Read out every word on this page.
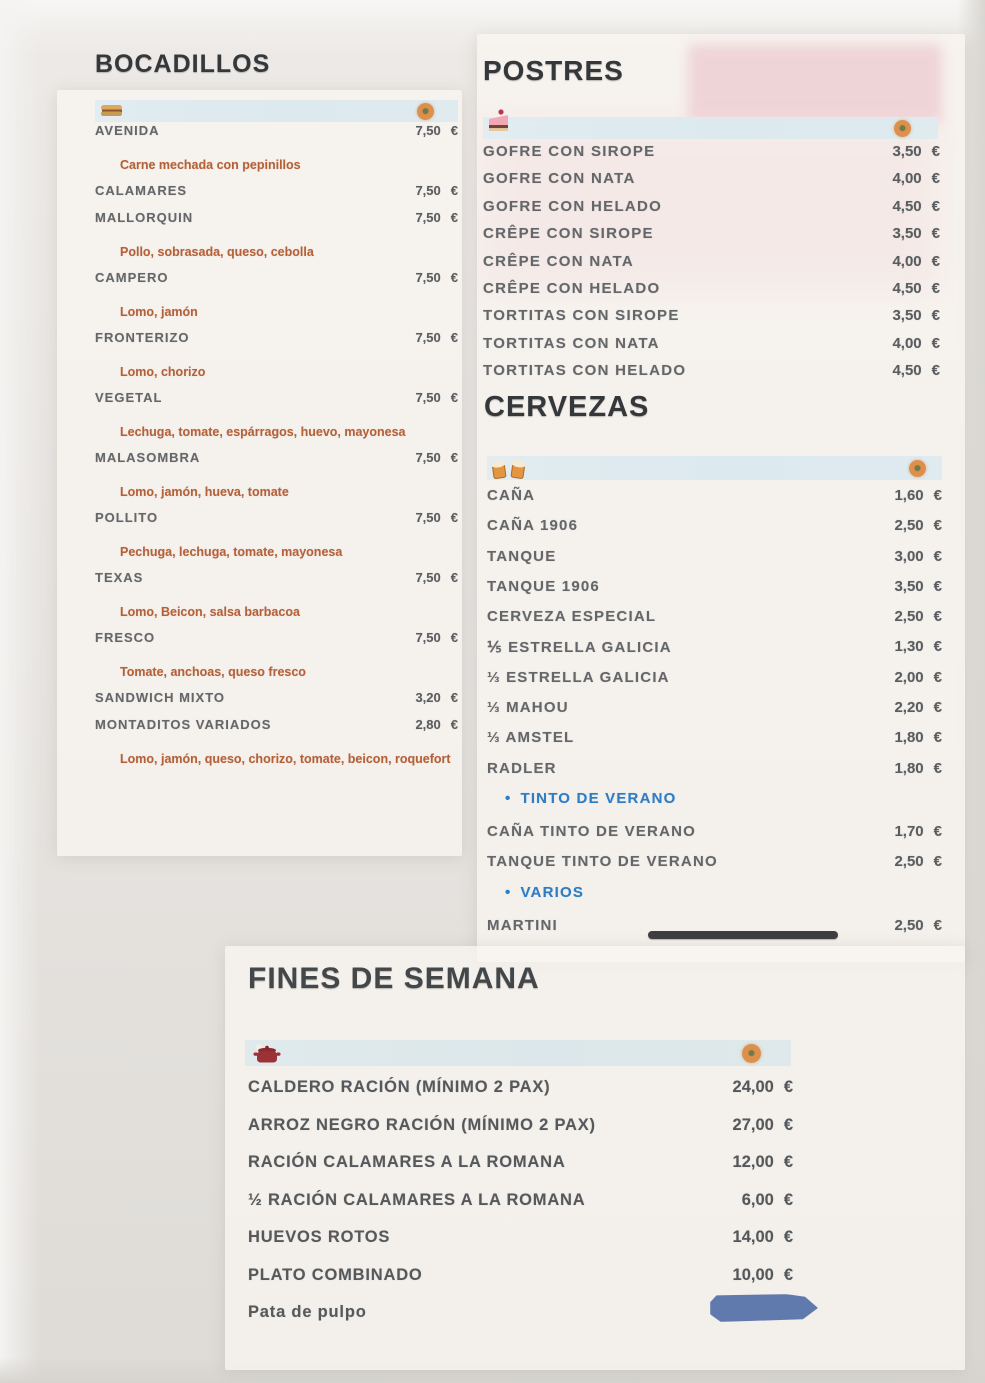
BOCADILLOS	POSTRES
CERVEZAS
FINES DE SEMANA
AVENIDA	7,50 €
Carne mechada con pepinillos
CALAMARES	7,50 €
MALLORQUIN	7,50 €
Pollo, sobrasada, queso, cebolla
CAMPERO	7,50 €
Lomo, jamón
FRONTERIZO	7,50 €
Lomo, chorizo
VEGETAL	7,50 €
Lechuga, tomate, espárragos, huevo, mayonesa
MALASOMBRA	7,50 €
Lomo, jamón, hueva, tomate
POLLITO	7,50 €
Pechuga, lechuga, tomate, mayonesa
TEXAS	7,50 €
Lomo, Beicon, salsa barbacoa
FRESCO	7,50 €
Tomate, anchoas, queso fresco
SANDWICH MIXTO	3,20 €
MONTADITOS VARIADOS	2,80 €
Lomo, jamón, queso, chorizo, tomate, beicon, roquefort
GOFRE CON SIROPE	3,50 €
GOFRE CON NATA	4,00 €
GOFRE CON HELADO	4,50 €
CRÊPE CON SIROPE	3,50 €
CRÊPE CON NATA	4,00 €
CRÊPE CON HELADO	4,50 €
TORTITAS CON SIROPE	3,50 €
TORTITAS CON NATA	4,00 €
TORTITAS CON HELADO	4,50 €
CAÑA	1,60 €
CAÑA 1906	2,50 €
TANQUE	3,00 €
TANQUE 1906	3,50 €
CERVEZA ESPECIAL	2,50 €
⅕ ESTRELLA GALICIA	1,30 €
⅓ ESTRELLA GALICIA	2,00 €
⅓ MAHOU	2,20 €
⅓ AMSTEL	1,80 €
RADLER	1,80 €
• TINTO DE VERANO
CAÑA TINTO DE VERANO	1,70 €
TANQUE TINTO DE VERANO	2,50 €
• VARIOS
MARTINI	2,50 €
CALDERO RACIÓN (MÍNIMO 2 PAX)	24,00 €
ARROZ NEGRO RACIÓN (MÍNIMO 2 PAX)	27,00 €
RACIÓN CALAMARES A LA ROMANA	12,00 €
½ RACIÓN CALAMARES A LA ROMANA	6,00 €
HUEVOS ROTOS	14,00 €
PLATO COMBINADO	10,00 €
Pata de pulpo
